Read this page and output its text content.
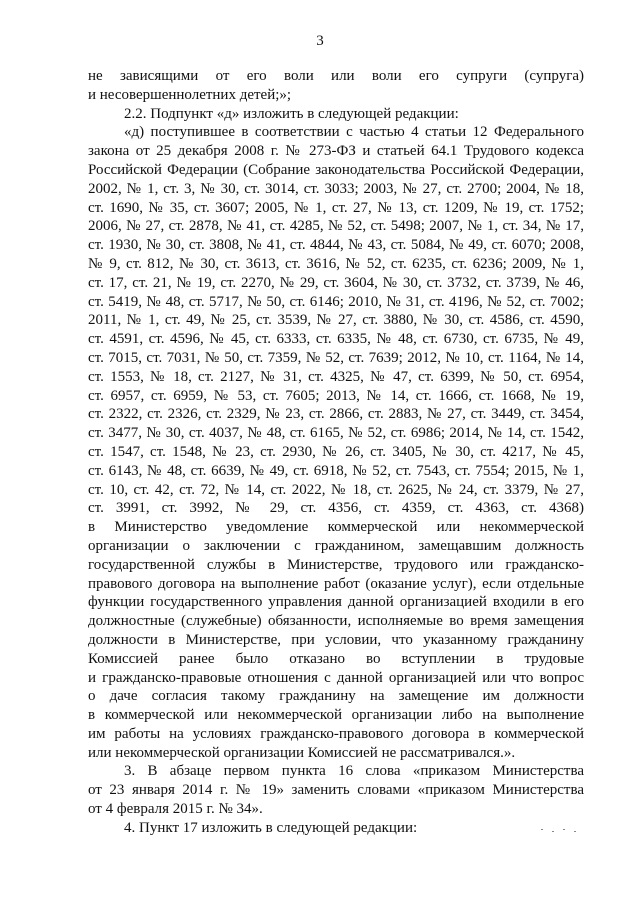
3
не зависящими от его воли или воли его супруги (супруга)
и несовершеннолетних детей;»;
2.2. Подпункт «д» изложить в следующей редакции:
«д) поступившее в соответствии с частью 4 статьи 12 Федерального
закона от 25 декабря 2008 г. № 273-ФЗ и статьей 64.1 Трудового кодекса
Российской Федерации (Собрание законодательства Российской Федерации,
2002, № 1, ст. 3, № 30, ст. 3014, ст. 3033; 2003, № 27, ст. 2700; 2004, № 18,
ст. 1690, № 35, ст. 3607; 2005, № 1, ст. 27, № 13, ст. 1209, № 19, ст. 1752;
2006, № 27, ст. 2878, № 41, ст. 4285, № 52, ст. 5498; 2007, № 1, ст. 34, № 17,
ст. 1930, № 30, ст. 3808, № 41, ст. 4844, № 43, ст. 5084, № 49, ст. 6070; 2008,
№ 9, ст. 812, № 30, ст. 3613, ст. 3616, № 52, ст. 6235, ст. 6236; 2009, № 1,
ст. 17, ст. 21, № 19, ст. 2270, № 29, ст. 3604, № 30, ст. 3732, ст. 3739, № 46,
ст. 5419, № 48, ст. 5717, № 50, ст. 6146; 2010, № 31, ст. 4196, № 52, ст. 7002;
2011, № 1, ст. 49, № 25, ст. 3539, № 27, ст. 3880, № 30, ст. 4586, ст. 4590,
ст. 4591, ст. 4596, № 45, ст. 6333, ст. 6335, № 48, ст. 6730, ст. 6735, № 49,
ст. 7015, ст. 7031, № 50, ст. 7359, № 52, ст. 7639; 2012, № 10, ст. 1164, № 14,
ст. 1553, № 18, ст. 2127, № 31, ст. 4325, № 47, ст. 6399, № 50, ст. 6954,
ст. 6957, ст. 6959, № 53, ст. 7605; 2013, № 14, ст. 1666, ст. 1668, № 19,
ст. 2322, ст. 2326, ст. 2329, № 23, ст. 2866, ст. 2883, № 27, ст. 3449, ст. 3454,
ст. 3477, № 30, ст. 4037, № 48, ст. 6165, № 52, ст. 6986; 2014, № 14, ст. 1542,
ст. 1547, ст. 1548, № 23, ст. 2930, № 26, ст. 3405, № 30, ст. 4217, № 45,
ст. 6143, № 48, ст. 6639, № 49, ст. 6918, № 52, ст. 7543, ст. 7554; 2015, № 1,
ст. 10, ст. 42, ст. 72, № 14, ст. 2022, № 18, ст. 2625, № 24, ст. 3379, № 27,
ст. 3991, ст. 3992, № 29, ст. 4356, ст. 4359, ст. 4363, ст. 4368)
в Министерство уведомление коммерческой или некоммерческой
организации о заключении с гражданином, замещавшим должность
государственной службы в Министерстве, трудового или гражданско-
правового договора на выполнение работ (оказание услуг), если отдельные
функции государственного управления данной организацией входили в его
должностные (служебные) обязанности, исполняемые во время замещения
должности в Министерстве, при условии, что указанному гражданину
Комиссией ранее было отказано во вступлении в трудовые
и гражданско-правовые отношения с данной организацией или что вопрос
о даче согласия такому гражданину на замещение им должности
в коммерческой или некоммерческой организации либо на выполнение
им работы на условиях гражданско-правового договора в коммерческой
или некоммерческой организации Комиссией не рассматривался.».
3. В абзаце первом пункта 16 слова «приказом Министерства
от 23 января 2014 г. № 19» заменить словами «приказом Министерства
от 4 февраля 2015 г. № 34».
4. Пункт 17 изложить в следующей редакции:
